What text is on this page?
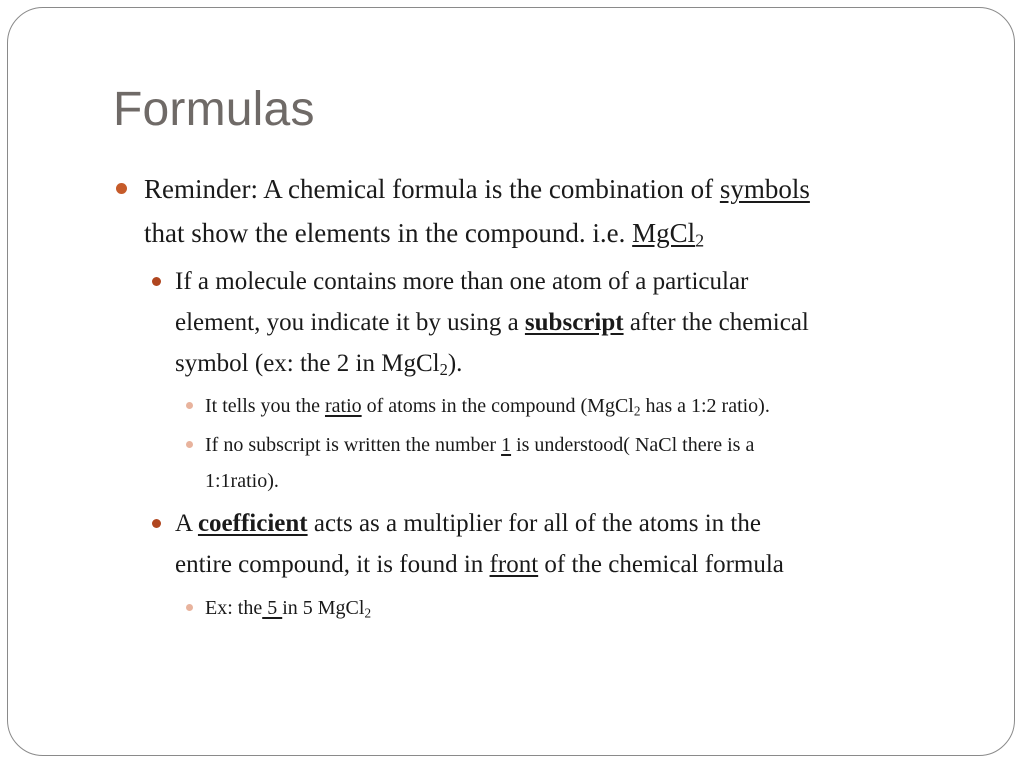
Formulas
Reminder: A chemical formula is the combination of symbols
that show the elements in the compound. i.e. MgCl$_2$
If a molecule contains more than one atom of a particular
element, you indicate it by using a subscript after the chemical
symbol (ex: the 2 in MgCl$_2$).
It tells you the ratio of atoms in the compound (MgCl$_2$ has a 1:2 ratio).
If no subscript is written the number 1 is understood( NaCl there is a
1:1ratio).
A coefficient acts as a multiplier for all of the atoms in the
entire compound, it is found in front of the chemical formula
Ex: the 5 in 5 MgCl$_2$
